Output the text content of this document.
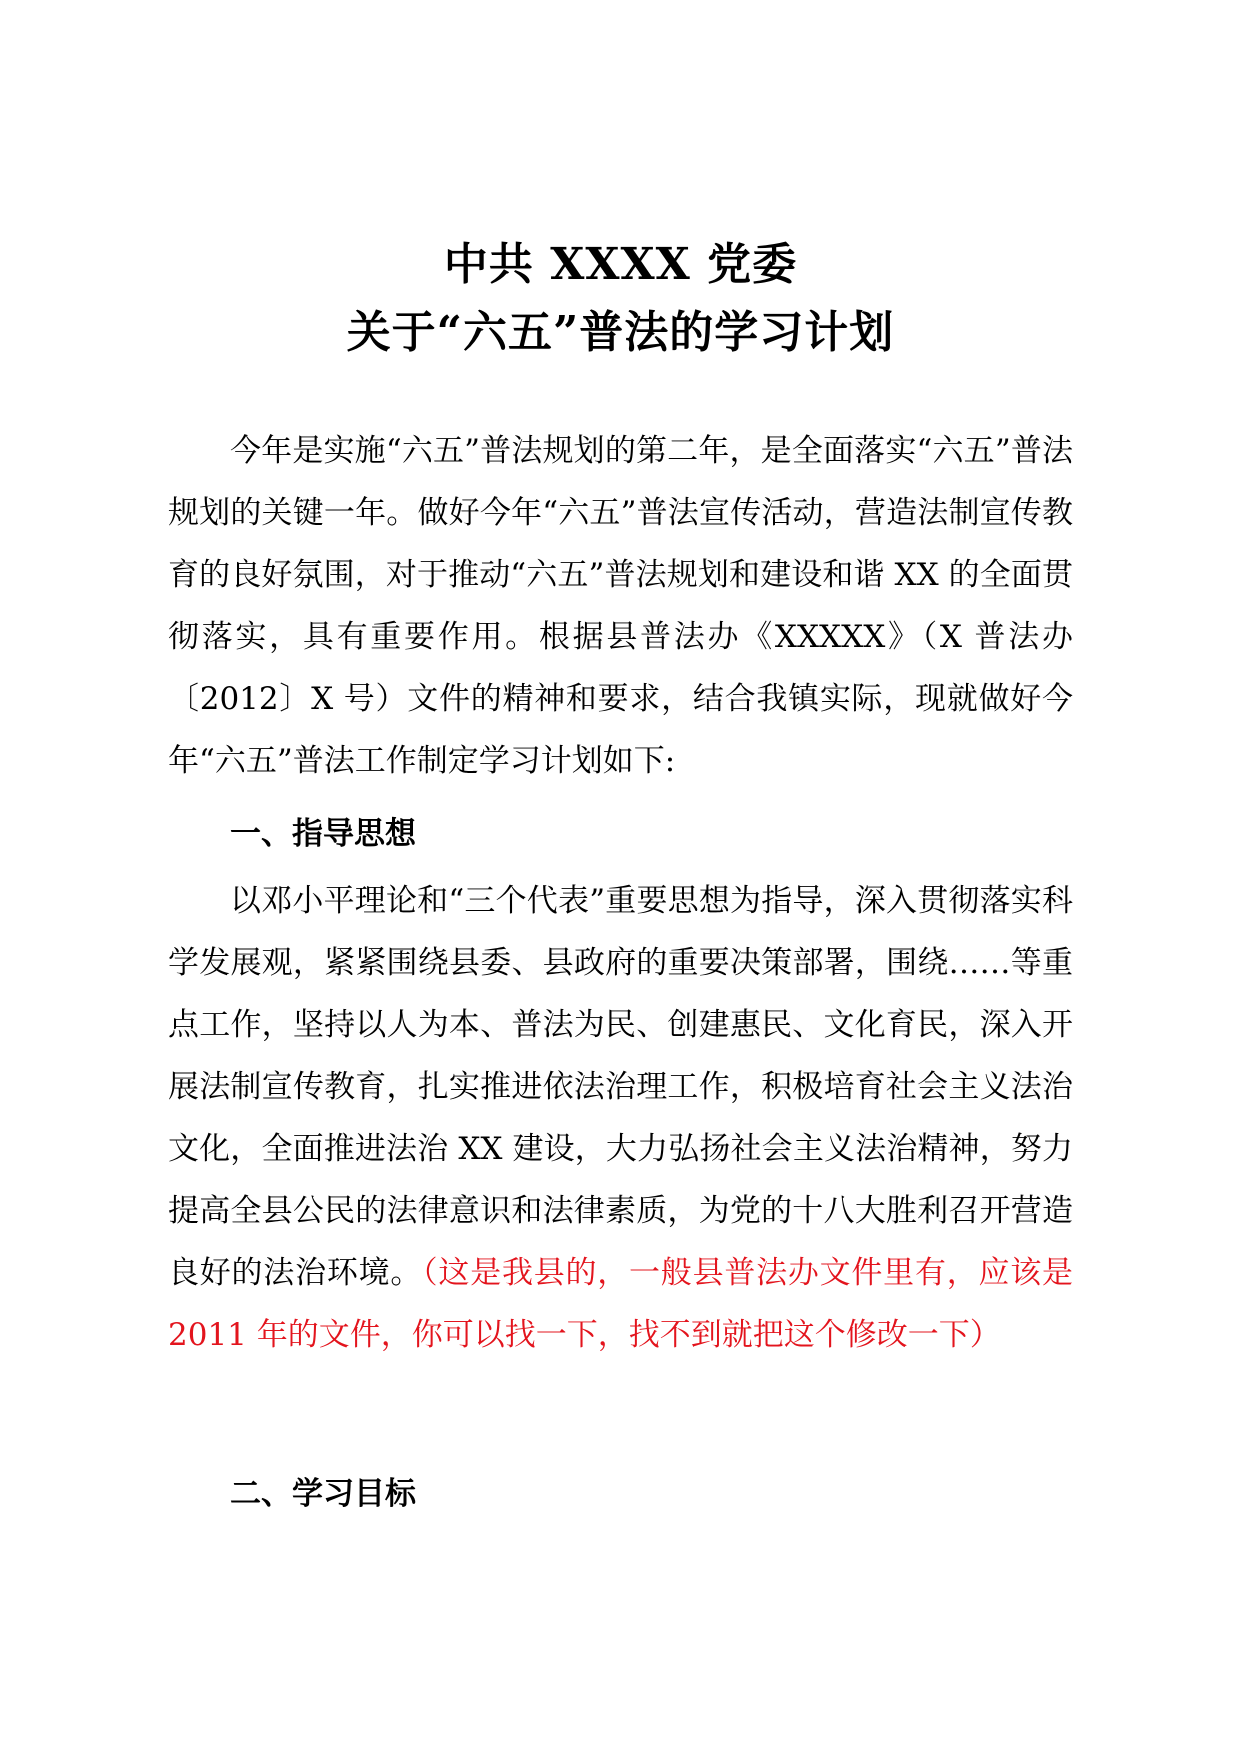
中共 XXXX 党委
关于“六五”普法的学习计划

今年是实施“六五”普法规划的第二年，是全面落实“六五”普法规划的关键一年。做好今年“六五”普法宣传活动，营造法制宣传教育的良好氛围，对于推动“六五”普法规划和建设和谐 XX 的全面贯彻落实，具有重要作用。根据县普法办《XXXXX》（X 普法办〔2012〕X 号）文件的精神和要求，结合我镇实际，现就做好今年“六五”普法工作制定学习计划如下:

一、指导思想

以邓小平理论和“三个代表”重要思想为指导，深入贯彻落实科学发展观，紧紧围绕县委、县政府的重要决策部署，围绕……等重点工作，坚持以人为本、普法为民、创建惠民、文化育民，深入开展法制宣传教育，扎实推进依法治理工作，积极培育社会主义法治文化，全面推进法治 XX 建设，大力弘扬社会主义法治精神，努力提高全县公民的法律意识和法律素质，为党的十八大胜利召开营造良好的法治环境。（这是我县的，一般县普法办文件里有，应该是 2011 年的文件，你可以找一下，找不到就把这个修改一下）

二、学习目标
